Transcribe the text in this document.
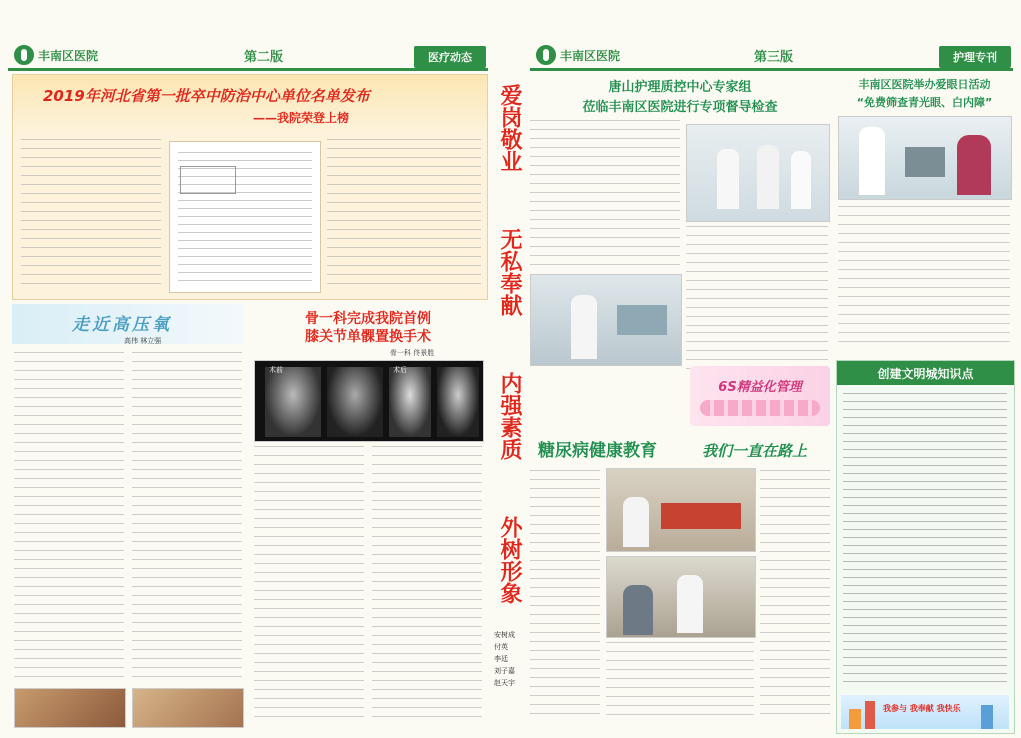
丰南区医院	第二版	医疗动态
2019年河北省第一批卒中防治中心单位名单发布
——我院荣登上榜
走近高压氧
高伟 林立强
骨一科完成我院首例
膝关节单髁置换手术
骨一科 佟景胜
术前	术后
爱岗敬业
无私奉献
内强素质
外树形象
安树成
付英
李廷
刘子嘉
赵天宇
丰南区医院	第三版	护理专刊
唐山护理质控中心专家组
莅临丰南区医院进行专项督导检查
丰南区医院举办爱眼日活动
“免费筛查青光眼、白内障”
6S精益化管理
糖尿病健康教育	我们一直在路上
创建文明城知识点
我参与 我奉献 我快乐
